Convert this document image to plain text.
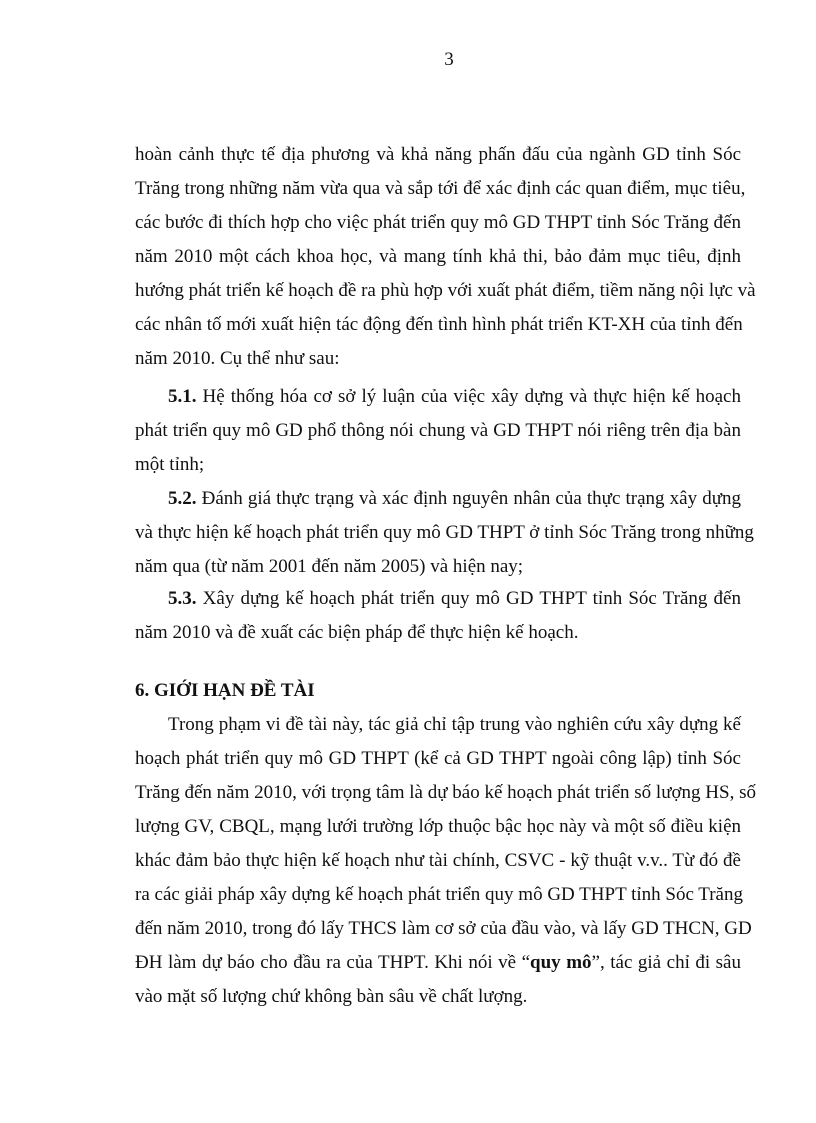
3
hoàn cảnh thực tế địa phương và khả năng phấn đấu của ngành GD tỉnh Sóc
Trăng trong những năm vừa qua và sắp tới để xác định các quan điểm, mục tiêu,
các bước đi thích hợp cho việc phát triển quy mô GD THPT tỉnh Sóc Trăng đến
năm 2010 một cách khoa học, và mang tính khả thi, bảo đảm mục tiêu, định
hướng phát triển kế hoạch đề ra phù hợp với xuất phát điểm, tiềm năng nội lực và
các nhân tố mới xuất hiện tác động đến tình hình phát triển KT-XH của tỉnh đến
năm 2010. Cụ thể như sau:
5.1. Hệ thống hóa cơ sở lý luận của việc xây dựng và thực hiện kế hoạch
phát triển quy mô GD phổ thông nói chung và GD THPT nói riêng trên địa bàn
một tỉnh;
5.2. Đánh giá thực trạng và xác định nguyên nhân của thực trạng xây dựng
và thực hiện kế hoạch phát triển quy mô GD THPT ở tỉnh Sóc Trăng trong những
năm qua (từ năm 2001 đến năm 2005) và hiện nay;
5.3. Xây dựng kế hoạch phát triển quy mô GD THPT tỉnh Sóc Trăng đến
năm 2010 và đề xuất các biện pháp để thực hiện kế hoạch.
6. GIỚI HẠN ĐỀ TÀI
Trong phạm vi đề tài này, tác giả chỉ tập trung vào nghiên cứu xây dựng kế
hoạch phát triển quy mô GD THPT (kể cả GD THPT ngoài công lập) tỉnh Sóc
Trăng đến năm 2010, với trọng tâm là dự báo kế hoạch phát triển số lượng HS, số
lượng GV, CBQL, mạng lưới trường lớp thuộc bậc học này và một số điều kiện
khác đảm bảo thực hiện kế hoạch như tài chính, CSVC - kỹ thuật v.v.. Từ đó đề
ra các giải pháp xây dựng kế hoạch phát triển quy mô GD THPT tỉnh Sóc Trăng
đến năm 2010, trong đó lấy THCS làm cơ sở của đầu vào, và lấy GD THCN, GD
ĐH làm dự báo cho đầu ra của THPT. Khi nói về “quy mô”, tác giả chỉ đi sâu
vào mặt số lượng chứ không bàn sâu về chất lượng.
